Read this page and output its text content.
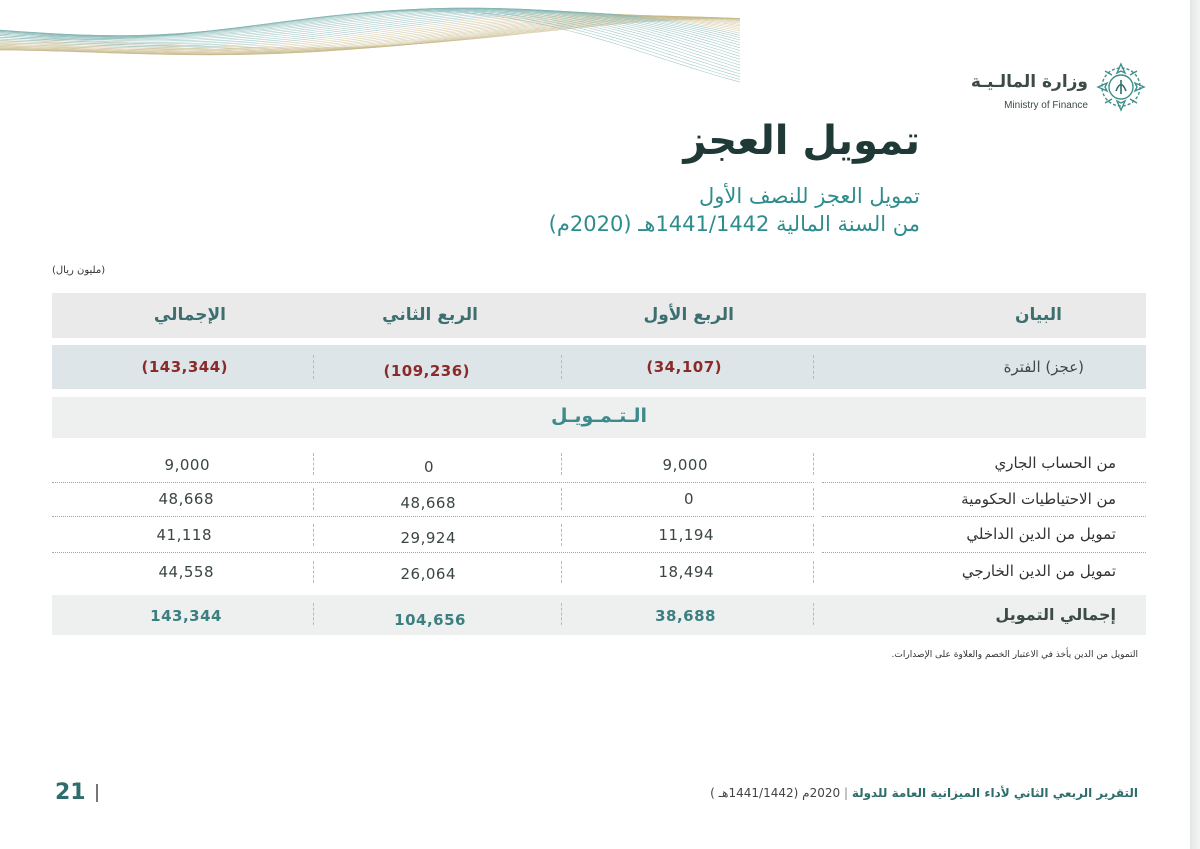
وزارة المالـيـة
Ministry of Finance
تمويل العجز
تمويل العجز للنصف الأول
من السنة المالية 1441/1442هـ (2020م)
(مليون ريال)
البيان
الربع الأول
الربع الثاني
الإجمالي
(عجز) الفترة
(34,107)
(109,236)
(143,344)
الـتـمـويـل
من الحساب الجاري
9,000
0
9,000
من الاحتياطيات الحكومية
0
48,668
48,668
تمويل من الدين الداخلي
11,194
29,924
41,118
تمويل من الدين الخارجي
18,494
26,064
44,558
إجمالي التمويل
38,688
104,656
143,344
التمويل من الدين يأخذ في الاعتبار الخصم والعلاوة على الإصدارات.
21	التقرير الربعي الثاني لأداء الميزانية العامة للدولة | 2020م (1441/1442هـ )
